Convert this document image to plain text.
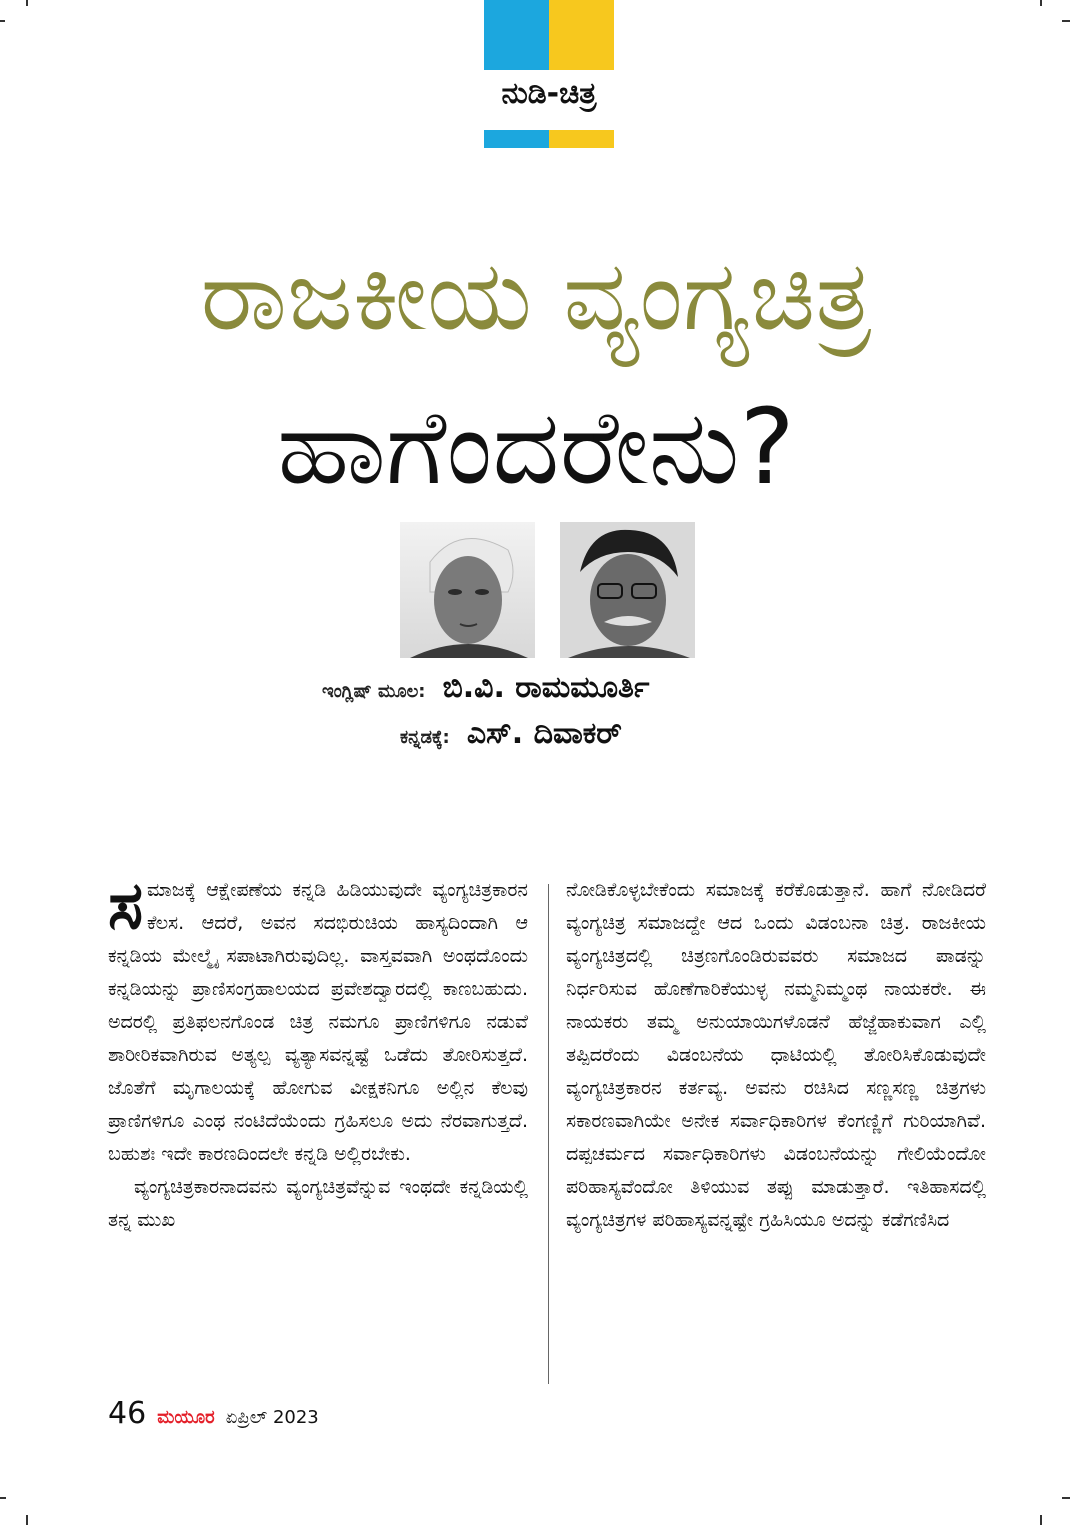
ನುಡಿ-ಚಿತ್ರ
ರಾಜಕೀಯ ವ್ಯಂಗ್ಯಚಿತ್ರ
ಹಾಗೆಂದರೇನು?
ಇಂಗ್ಲಿಷ್ ಮೂಲ: ಬಿ.ವಿ. ರಾಮಮೂರ್ತಿ
ಕನ್ನಡಕ್ಕೆ: ಎಸ್. ದಿವಾಕರ್

ಸಮಾಜಕ್ಕೆ ಆಕ್ಷೇಪಣೆಯ ಕನ್ನಡಿ ಹಿಡಿಯುವುದೇ ವ್ಯಂಗ್ಯಚಿತ್ರಕಾರನ ಕೆಲಸ. ಆದರೆ, ಅವನ ಸದಭಿರುಚಿಯ ಹಾಸ್ಯದಿಂದಾಗಿ ಆ ಕನ್ನಡಿಯ ಮೇಲ್ಮೈ ಸಪಾಟಾಗಿರುವುದಿಲ್ಲ. ವಾಸ್ತವವಾಗಿ ಅಂಥದೊಂದು ಕನ್ನಡಿಯನ್ನು ಪ್ರಾಣಿಸಂಗ್ರಹಾಲಯದ ಪ್ರವೇಶದ್ವಾರದಲ್ಲಿ ಕಾಣಬಹುದು. ಅದರಲ್ಲಿ ಪ್ರತಿಫಲನಗೊಂಡ ಚಿತ್ರ ನಮಗೂ ಪ್ರಾಣಿಗಳಿಗೂ ನಡುವೆ ಶಾರೀರಿಕವಾಗಿರುವ ಅತ್ಯಲ್ಪ ವ್ಯತ್ಯಾಸವನ್ನಷ್ಟೆ ಒಡೆದು ತೋರಿಸುತ್ತದೆ. ಜೊತೆಗೆ ಮೃಗಾಲಯಕ್ಕೆ ಹೋಗುವ ವೀಕ್ಷಕನಿಗೂ ಅಲ್ಲಿನ ಕೆಲವು ಪ್ರಾಣಿಗಳಿಗೂ ಎಂಥ ನಂಟಿದೆಯೆಂದು ಗ್ರಹಿಸಲೂ ಅದು ನೆರವಾಗುತ್ತದೆ. ಬಹುಶಃ ಇದೇ ಕಾರಣದಿಂದಲೇ ಕನ್ನಡಿ ಅಲ್ಲಿರಬೇಕು.

ವ್ಯಂಗ್ಯಚಿತ್ರಕಾರನಾದವನು ವ್ಯಂಗ್ಯಚಿತ್ರವೆನ್ನುವ ಇಂಥದೇ ಕನ್ನಡಿಯಲ್ಲಿ ತನ್ನ ಮುಖ

ನೋಡಿಕೊಳ್ಳಬೇಕೆಂದು ಸಮಾಜಕ್ಕೆ ಕರೆಕೊಡುತ್ತಾನೆ. ಹಾಗೆ ನೋಡಿದರೆ ವ್ಯಂಗ್ಯಚಿತ್ರ ಸಮಾಜದ್ದೇ ಆದ ಒಂದು ವಿಡಂಬನಾ ಚಿತ್ರ. ರಾಜಕೀಯ ವ್ಯಂಗ್ಯಚಿತ್ರದಲ್ಲಿ ಚಿತ್ರಣಗೊಂಡಿರುವವರು ಸಮಾಜದ ಪಾಡನ್ನು ನಿರ್ಧರಿಸುವ ಹೊಣೆಗಾರಿಕೆಯುಳ್ಳ ನಮ್ಮನಿಮ್ಮಂಥ ನಾಯಕರೇ. ಈ ನಾಯಕರು ತಮ್ಮ ಅನುಯಾಯಿಗಳೊಡನೆ ಹೆಜ್ಜೆಹಾಕುವಾಗ ಎಲ್ಲಿ ತಪ್ಪಿದರೆಂದು ವಿಡಂಬನೆಯ ಧಾಟಿಯಲ್ಲಿ ತೋರಿಸಿಕೊಡುವುದೇ ವ್ಯಂಗ್ಯಚಿತ್ರಕಾರನ ಕರ್ತವ್ಯ. ಅವನು ರಚಿಸಿದ ಸಣ್ಣಸಣ್ಣ ಚಿತ್ರಗಳು ಸಕಾರಣವಾಗಿಯೇ ಅನೇಕ ಸರ್ವಾಧಿಕಾರಿಗಳ ಕೆಂಗಣ್ಣಿಗೆ ಗುರಿಯಾಗಿವೆ. ದಪ್ಪಚರ್ಮದ ಸರ್ವಾಧಿಕಾರಿಗಳು ವಿಡಂಬನೆಯನ್ನು ಗೇಲಿಯೆಂದೋ ಪರಿಹಾಸ್ಯವೆಂದೋ ತಿಳಿಯುವ ತಪ್ಪು ಮಾಡುತ್ತಾರೆ. ಇತಿಹಾಸದಲ್ಲಿ ವ್ಯಂಗ್ಯಚಿತ್ರಗಳ ಪರಿಹಾಸ್ಯವನ್ನಷ್ಟೇ ಗ್ರಹಿಸಿಯೂ ಅದನ್ನು ಕಡೆಗಣಿಸಿದ

46 ಮಯೂರ ಏಪ್ರಿಲ್ 2023
